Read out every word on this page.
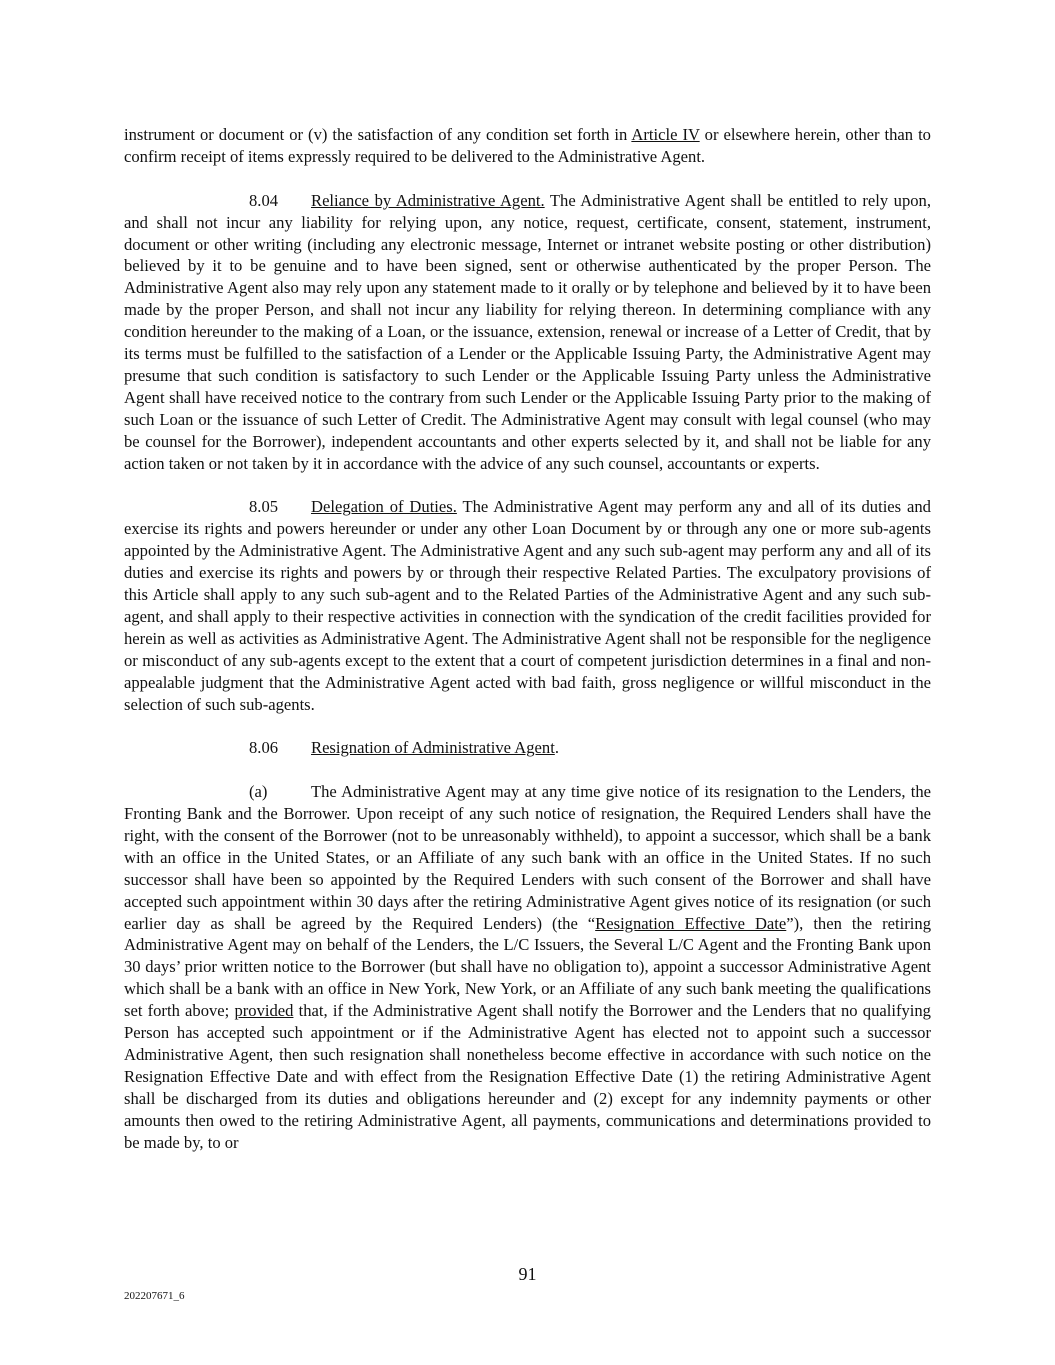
instrument or document or (v) the satisfaction of any condition set forth in Article IV or elsewhere herein, other than to confirm receipt of items expressly required to be delivered to the Administrative Agent.

8.04 Reliance by Administrative Agent. The Administrative Agent shall be entitled to rely upon, and shall not incur any liability for relying upon, any notice, request, certificate, consent, statement, instrument, document or other writing (including any electronic message, Internet or intranet website posting or other distribution) believed by it to be genuine and to have been signed, sent or otherwise authenticated by the proper Person. The Administrative Agent also may rely upon any statement made to it orally or by telephone and believed by it to have been made by the proper Person, and shall not incur any liability for relying thereon. In determining compliance with any condition hereunder to the making of a Loan, or the issuance, extension, renewal or increase of a Letter of Credit, that by its terms must be fulfilled to the satisfaction of a Lender or the Applicable Issuing Party, the Administrative Agent may presume that such condition is satisfactory to such Lender or the Applicable Issuing Party unless the Administrative Agent shall have received notice to the contrary from such Lender or the Applicable Issuing Party prior to the making of such Loan or the issuance of such Letter of Credit. The Administrative Agent may consult with legal counsel (who may be counsel for the Borrower), independent accountants and other experts selected by it, and shall not be liable for any action taken or not taken by it in accordance with the advice of any such counsel, accountants or experts.

8.05 Delegation of Duties. The Administrative Agent may perform any and all of its duties and exercise its rights and powers hereunder or under any other Loan Document by or through any one or more sub-agents appointed by the Administrative Agent. The Administrative Agent and any such sub-agent may perform any and all of its duties and exercise its rights and powers by or through their respective Related Parties. The exculpatory provisions of this Article shall apply to any such sub-agent and to the Related Parties of the Administrative Agent and any such sub-agent, and shall apply to their respective activities in connection with the syndication of the credit facilities provided for herein as well as activities as Administrative Agent. The Administrative Agent shall not be responsible for the negligence or misconduct of any sub-agents except to the extent that a court of competent jurisdiction determines in a final and non-appealable judgment that the Administrative Agent acted with bad faith, gross negligence or willful misconduct in the selection of such sub-agents.

8.06 Resignation of Administrative Agent.

(a)	The Administrative Agent may at any time give notice of its resignation to the Lenders, the Fronting Bank and the Borrower. Upon receipt of any such notice of resignation, the Required Lenders shall have the right, with the consent of the Borrower (not to be unreasonably withheld), to appoint a successor, which shall be a bank with an office in the United States, or an Affiliate of any such bank with an office in the United States. If no such successor shall have been so appointed by the Required Lenders with such consent of the Borrower and shall have accepted such appointment within 30 days after the retiring Administrative Agent gives notice of its resignation (or such earlier day as shall be agreed by the Required Lenders) (the “Resignation Effective Date”), then the retiring Administrative Agent may on behalf of the Lenders, the L/C Issuers, the Several L/C Agent and the Fronting Bank upon 30 days’ prior written notice to the Borrower (but shall have no obligation to), appoint a successor Administrative Agent which shall be a bank with an office in New York, New York, or an Affiliate of any such bank meeting the qualifications set forth above; provided that, if the Administrative Agent shall notify the Borrower and the Lenders that no qualifying Person has accepted such appointment or if the Administrative Agent has elected not to appoint such a successor Administrative Agent, then such resignation shall nonetheless become effective in accordance with such notice on the Resignation Effective Date and with effect from the Resignation Effective Date (1) the retiring Administrative Agent shall be discharged from its duties and obligations hereunder and (2) except for any indemnity payments or other amounts then owed to the retiring Administrative Agent, all payments, communications and determinations provided to be made by, to or

91
202207671_6
